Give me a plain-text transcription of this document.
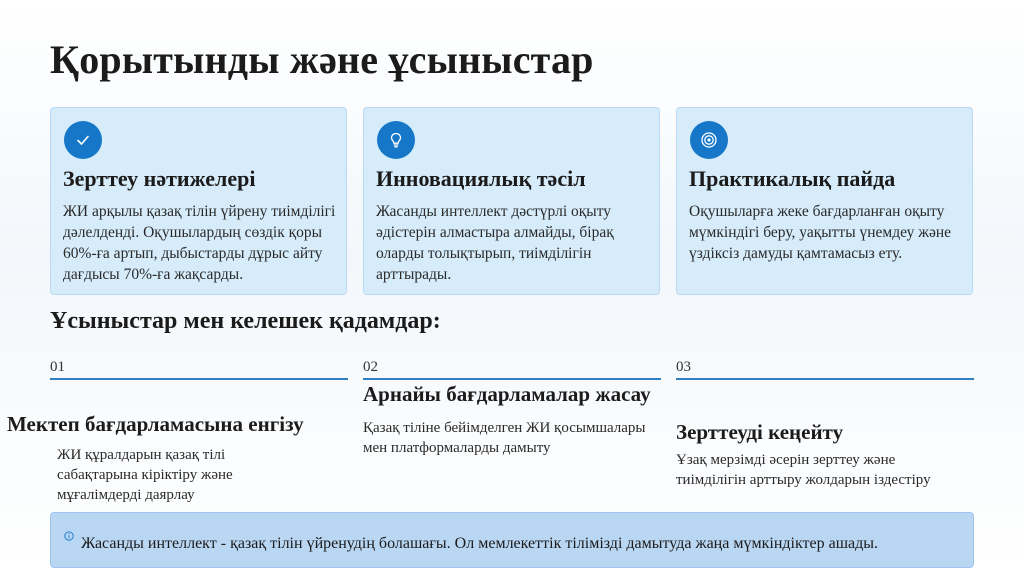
Қорытынды және ұсыныстар
Зерттеу нәтижелері
ЖИ арқылы қазақ тілін үйрену тиімділігі дәлелденді. Оқушылардың сөздік қоры 60%-ға артып, дыбыстарды дұрыс айту дағдысы 70%-ға жақсарды.
Инновациялық тәсіл
Жасанды интеллект дәстүрлі оқыту әдістерін алмастыра алмайды, бірақ оларды толықтырып, тиімділігін арттырады.
Практикалық пайда
Оқушыларға жеке бағдарланған оқыту мүмкіндігі беру, уақытты үнемдеу және үздіксіз дамуды қамтамасыз ету.
Ұсыныстар мен келешек қадамдар:
01
Мектеп бағдарламасына енгізу
ЖИ құралдарын қазақ тілі сабақтарына кіріктіру және мұғалімдерді даярлау
02
Арнайы бағдарламалар жасау
Қазақ тіліне бейімделген ЖИ қосымшалары мен платформаларды дамыту
03
Зерттеуді кеңейту
Ұзақ мерзімді әсерін зерттеу және тиімділігін арттыру жолдарын іздестіру
Жасанды интеллект - қазақ тілін үйренудің болашағы. Ол мемлекеттік тілімізді дамытуда жаңа мүмкіндіктер ашады.
